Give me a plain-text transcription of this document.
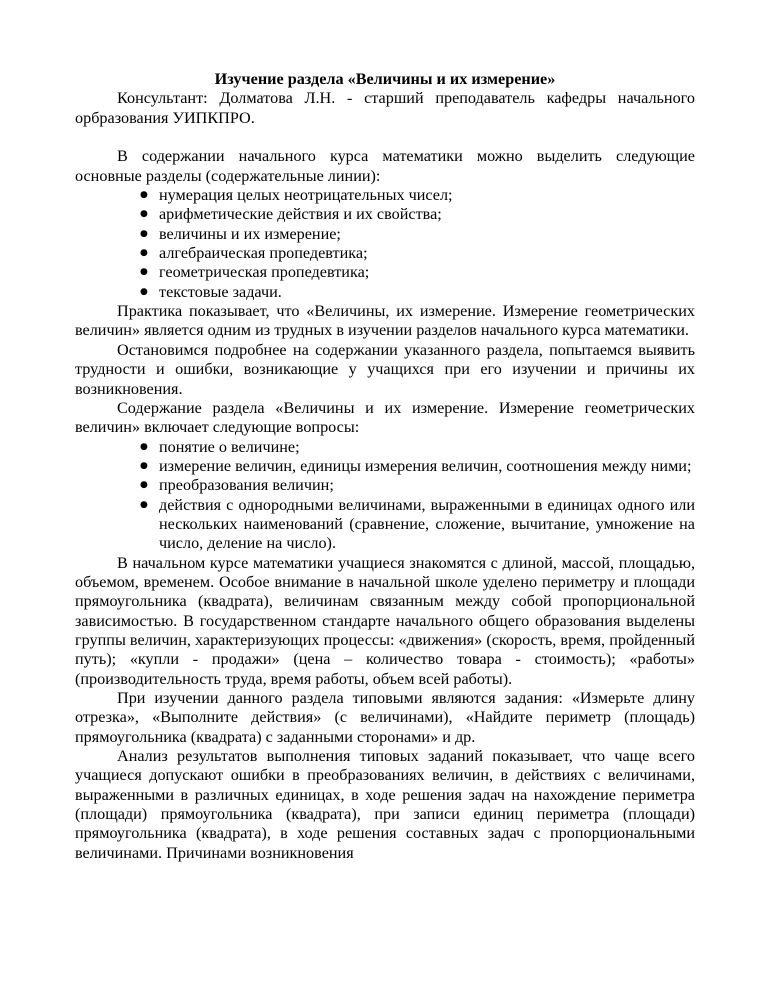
Изучение раздела «Величины и их измерение»

Консультант: Долматова Л.Н. - старший преподаватель кафедры начального орбразования УИПКПРО.

В содержании начального курса математики можно выделить следующие основные разделы (содержательные линии):

● нумерация целых неотрицательных чисел;
● арифметические действия и их свойства;
● величины и их измерение;
● алгебраическая пропедевтика;
● геометрическая пропедевтика;
● текстовые задачи.

Практика показывает, что «Величины, их измерение. Измерение геометрических величин» является одним из трудных в изучении разделов начального курса математики.

Остановимся подробнее на содержании указанного раздела, попытаемся выявить трудности и ошибки, возникающие у учащихся при его изучении и причины их возникновения.

Содержание раздела «Величины и их измерение. Измерение геометрических величин» включает следующие вопросы:

● понятие о величине;
● измерение величин, единицы измерения величин, соотношения между ними;
● преобразования величин;
● действия с однородными величинами, выраженными в единицах одного или нескольких наименований (сравнение, сложение, вычитание, умножение на число, деление на число).

В начальном курсе математики учащиеся знакомятся с длиной, массой, площадью, объемом, временем. Особое внимание в начальной школе уделено периметру и площади прямоугольника (квадрата), величинам связанным между собой пропорциональной зависимостью. В государственном стандарте начального общего образования выделены группы величин, характеризующих процессы: «движения» (скорость, время, пройденный путь); «купли - продажи» (цена – количество товара - стоимость); «работы» (производительность труда, время работы, объем всей работы).

При изучении данного раздела типовыми являются задания: «Измерьте длину отрезка», «Выполните действия» (с величинами), «Найдите периметр (площадь) прямоугольника (квадрата) с заданными сторонами» и др.

Анализ результатов выполнения типовых заданий показывает, что чаще всего учащиеся допускают ошибки в преобразованиях величин, в действиях с величинами, выраженными в различных единицах, в ходе решения задач на нахождение периметра (площади) прямоугольника (квадрата), при записи единиц периметра (площади) прямоугольника (квадрата), в ходе решения составных задач с пропорциональными величинами. Причинами возникновения
